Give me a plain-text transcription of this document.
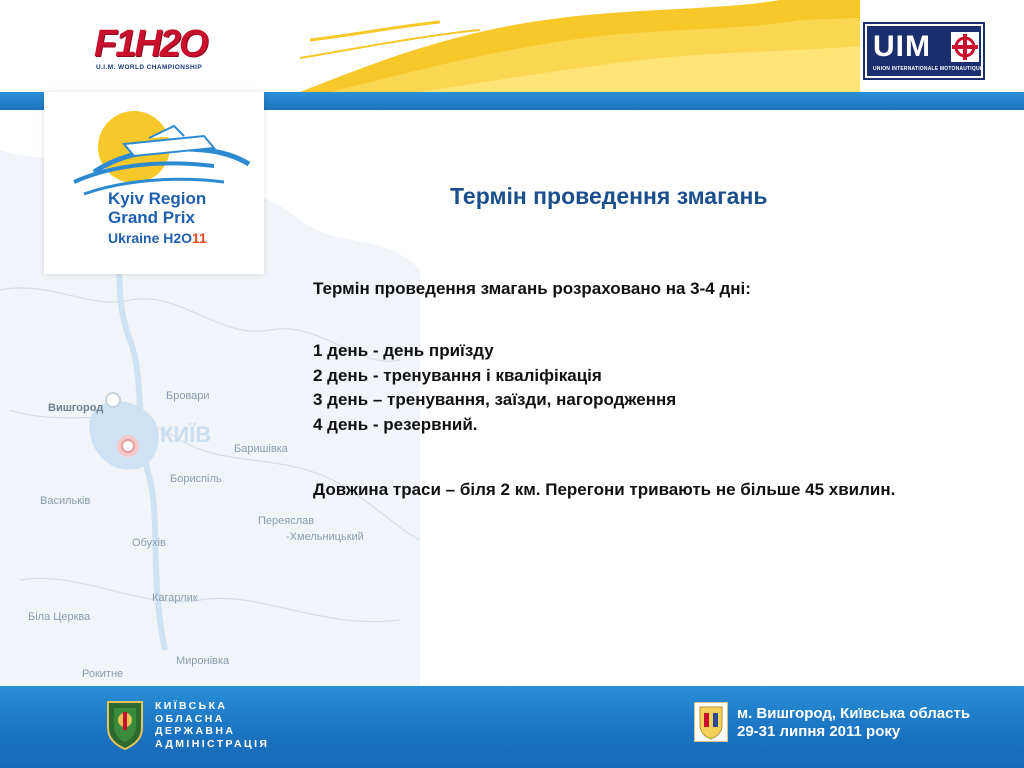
Вишгород
КИЇВ
Бровари
Баришівка
Бориспіль
Васильків
Обухів
Переяслав
-Хмельницький
Кагарлик
Біла Церква
Миронівка
Рокитне
F1H2O
U.I.M. WORLD CHAMPIONSHIP
UIM
UNION INTERNATIONALE MOTONAUTIQUE
Kyiv Region
Grand Prix
Ukraine H2O11
Термін проведення змагань
Термін проведення змагань розраховано на 3-4 дні:
1 день - день приїзду
2 день - тренування і кваліфікація
3 день – тренування, заїзди, нагородження
4 день - резервний.
Довжина траси – біля 2 км. Перегони тривають не більше 45 хвилин.
КИЇВСЬКА
ОБЛАСНА
ДЕРЖАВНА
АДМІНІСТРАЦІЯ
м. Вишгород, Київська область
29-31 липня 2011 року
